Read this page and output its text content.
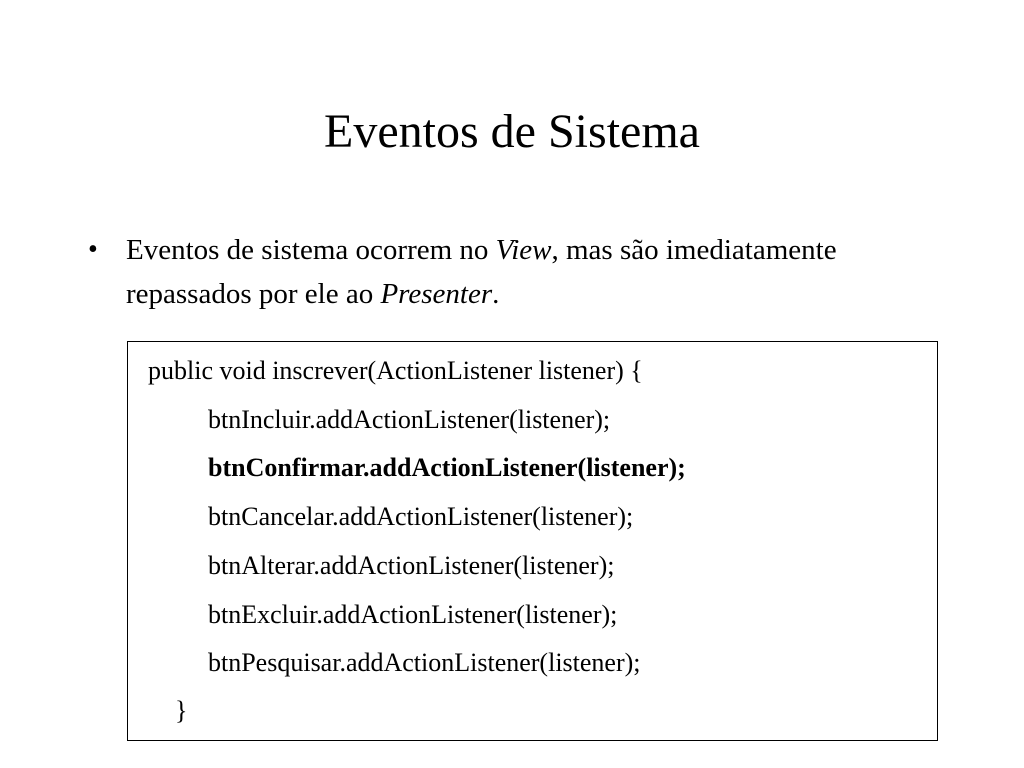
Eventos de Sistema
• Eventos de sistema ocorrem no View, mas são imediatamente repassados por ele ao Presenter.
public void inscrever(ActionListener listener) {
btnIncluir.addActionListener(listener);
btnConfirmar.addActionListener(listener);
btnCancelar.addActionListener(listener);
btnAlterar.addActionListener(listener);
btnExcluir.addActionListener(listener);
btnPesquisar.addActionListener(listener);
}
